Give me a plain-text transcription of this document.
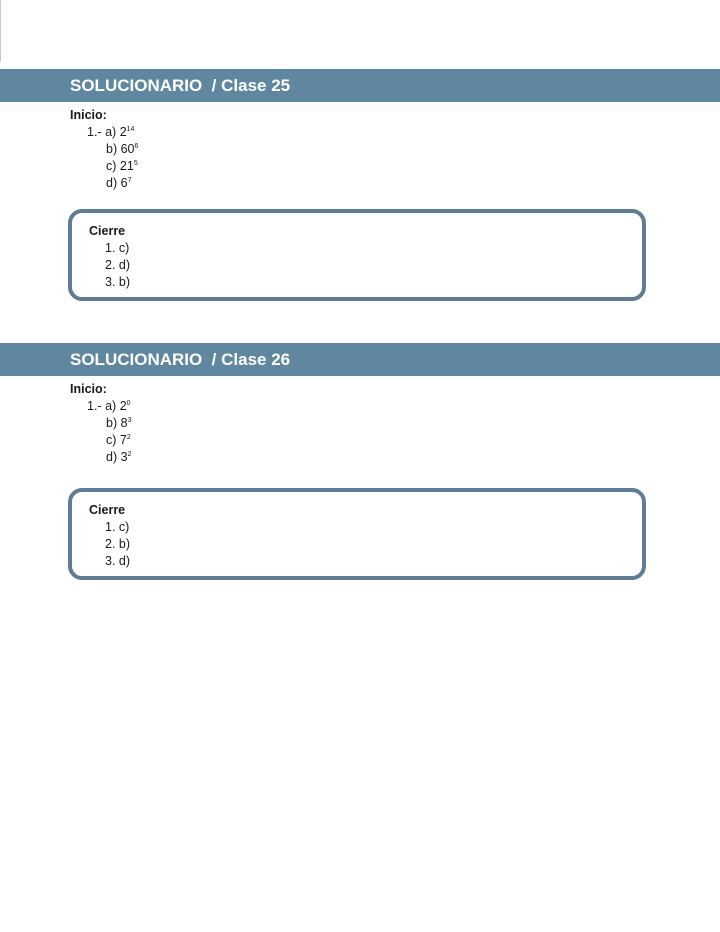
SOLUCIONARIO  / Clase 25
Inicio:
1.- a) $2^{14}$
b) $60^6$
c) $21^5$
d) $6^7$
Cierre
1. c)
2. d)
3. b)
SOLUCIONARIO  / Clase 26
Inicio:
1.- a) $2^0$
b) $8^3$
c) $7^2$
d) $3^2$
Cierre
1. c)
2. b)
3. d)
